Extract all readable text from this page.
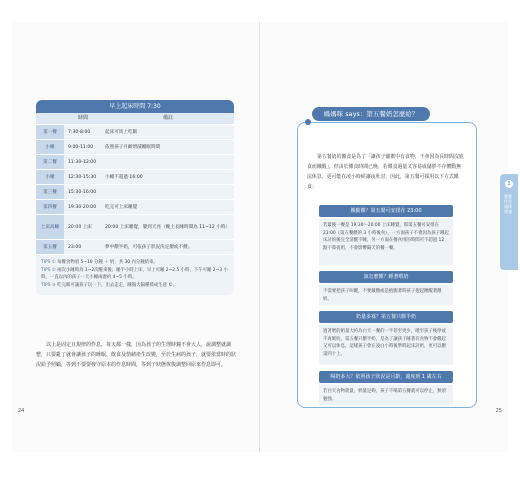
早上起床時間 7:30
時間	備註
第一餐	7:30-8:00	起床可馬上吃飯
小睡	9:00-11:00	依照孩子月齡增減睡眠時間
第二餐	11:30-12:00
小睡	12:30-15:30	小睡不超過 16:00
第三餐	15:30-16:00
第四餐	19:30-20:00	吃完可上床睡覺
上床高睡	20:00 上床	20:00 上床睡覺，嬰到天亮（晚上長睡時間為 11~12 小時）
第五餐	23:00	夢中餵半奶，可依孩子狀況決定餵或不餵。
TIPS ① 每餐食物須 5~10 分鐘 ＋ 奶，共 30 內分鐘結束。
TIPS ② 兩次小睡時為 1~2次醒來後；睡半小時上床，早上可睡 2~2.5 小時、下午可睡 2~3 小時，一直以內的孩子一天小睡兩憲約 4~5 小時。
TIPS ③ 吃完飯可讓孩子玩一下，出去走走，睡獨大隔種孫成生意 ©。
以上是固定且規律的作息，每天都一樣，因為孩子的生理時鐘不會大人，說調整就調整，只要亂了就會讓孩子的睡眠、飲食及情緒產生改變，至於生病的孩子，就要依當時的狀況給予照顧，等到不要要發守原本的作息時間，等到子狀態恢復調整回原來作息即可。
24
1
寶寶作息規律建議
媽媽咪 says：第五餐奶怎麼給？
第五餐奶的餵食是為了「讓孩子儲蓄中有食物，不會因為長時間沒進食而餓醒」，但由於餵食時間已晚，若餵食過量又容易成儲胖不存體動無法休息，更可能在凌小時候讓夜肚討，因此，第五餐可採用以下方式餵食：
餵勤餵？第五餐可安排在 23:00
若最後一餐是 19:30～20:00 上床睡覺，那第五餐可安排在 23:00（第五餐餵的 3 小時後食），一方面孩子不會因為孩子餓起床討的後完全清醒不睡，另一方面在餐食用的時間可不超過 12 點不算夜奶，不會影響隔天的餐一餐。
該怎麼餵？睡著喂奶
不需要把孩子叫醒，不要戴餵或是抱腿著時孩子抱起餵醒著餵奶。
奶量多寡？第五餐只餵半奶
過著喂的奶量大約為白天一餐的一半甚至更少，喂至孩子後停或不再吸吮，第五餐只餵半奶，是為了讓孩子睡著有食物不會餓起又可以休息，這樣孩子會在凌白小時後準時起床討奶，更可以餵第四十上。
喝奶多大？依照孩子狀況是月齡，適度到 1 歲左右
若白天食物就量，奶量足夠，孩子不喝第五餐就可以停止，無須勉強。
25
